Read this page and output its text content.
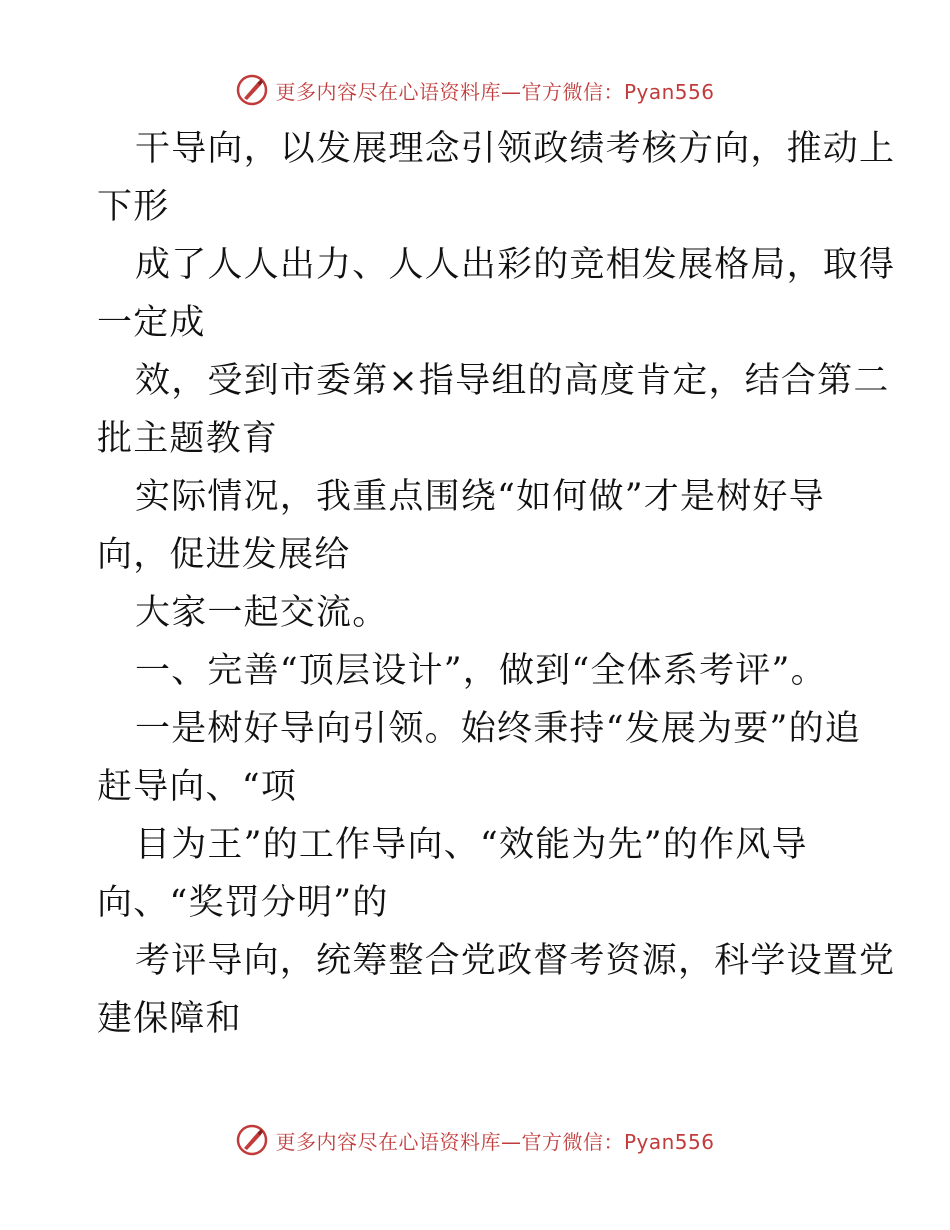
更多内容尽在心语资料库—官方微信：Pyan556
干导向，以发展理念引领政绩考核方向，推动上
下形
成了人人出力、人人出彩的竞相发展格局，取得
一定成
效，受到市委第×指导组的高度肯定，结合第二
批主题教育
实际情况，我重点围绕“如何做”才是树好导
向，促进发展给
大家一起交流。
一、完善“顶层设计”，做到“全体系考评”。
一是树好导向引领。始终秉持“发展为要”的追
赶导向、“项
目为王”的工作导向、“效能为先”的作风导
向、“奖罚分明”的
考评导向，统筹整合党政督考资源，科学设置党
建保障和
更多内容尽在心语资料库—官方微信：Pyan556
